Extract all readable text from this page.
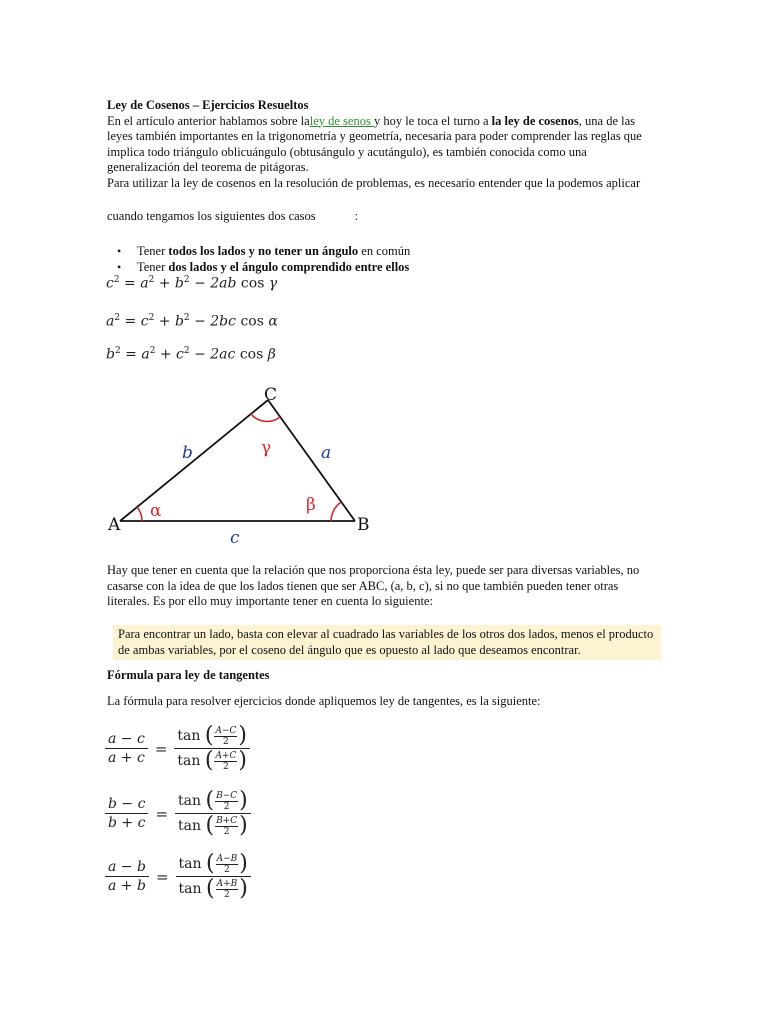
Ley de Cosenos – Ejercicios Resueltos

En el artículo anterior hablamos sobre laley de senos y hoy le toca el turno a la ley de cosenos, una de las leyes también importantes en la trigonometría y geometría, necesaria para poder comprender las reglas que implica todo triángulo oblicuángulo (obtusángulo y acutángulo), es también conocida como una generalización del teorema de pitágoras.

Para utilizar la ley de cosenos en la resolución de problemas, es necesario entender que la podemos aplicar

cuando tengamos los siguientes dos casos	:
• Tener todos los lados y no tener un ángulo en común
• Tener dos lados y el ángulo comprendido entre ellos
$c^2 = a^2 + b^2 - 2ab$ cos γ
$a^2 = c^2 + b^2 - 2bc$ cos α
$b^2 = a^2 + c^2 - 2ac$ cos β
A	B
C
b	a
c
α	β
γ

Hay que tener en cuenta que la relación que nos proporciona ésta ley, puede ser para diversas variables, no casarse con la idea de que los lados tienen que ser ABC, (a, b, c), si no que también pueden tener otras literales. Es por ello muy importante tener en cuenta lo siguiente:

Para encontrar un lado, basta con elevar al cuadrado las variables de los otros dos lados, menos el producto de ambas variables, por el coseno del ángulo que es opuesto al lado que deseamos encontrar.
Fórmula para ley de tangentes
La fórmula para resolver ejercicios donde apliquemos ley de tangentes, es la siguiente:
$\frac{a - c}{a + c} = \tan$
( $\frac{A-C}{2}$ )
tan
( $\frac{A+C}{2}$ )
$\frac{b - c}{b + c} = \tan$
( $\frac{B-C}{2}$ )
tan
( $\frac{B+C}{2}$ )
$\frac{a - b}{a + b} = \tan$
( $\frac{A-B}{2}$ )
tan
( $\frac{A+B}{2}$ )
